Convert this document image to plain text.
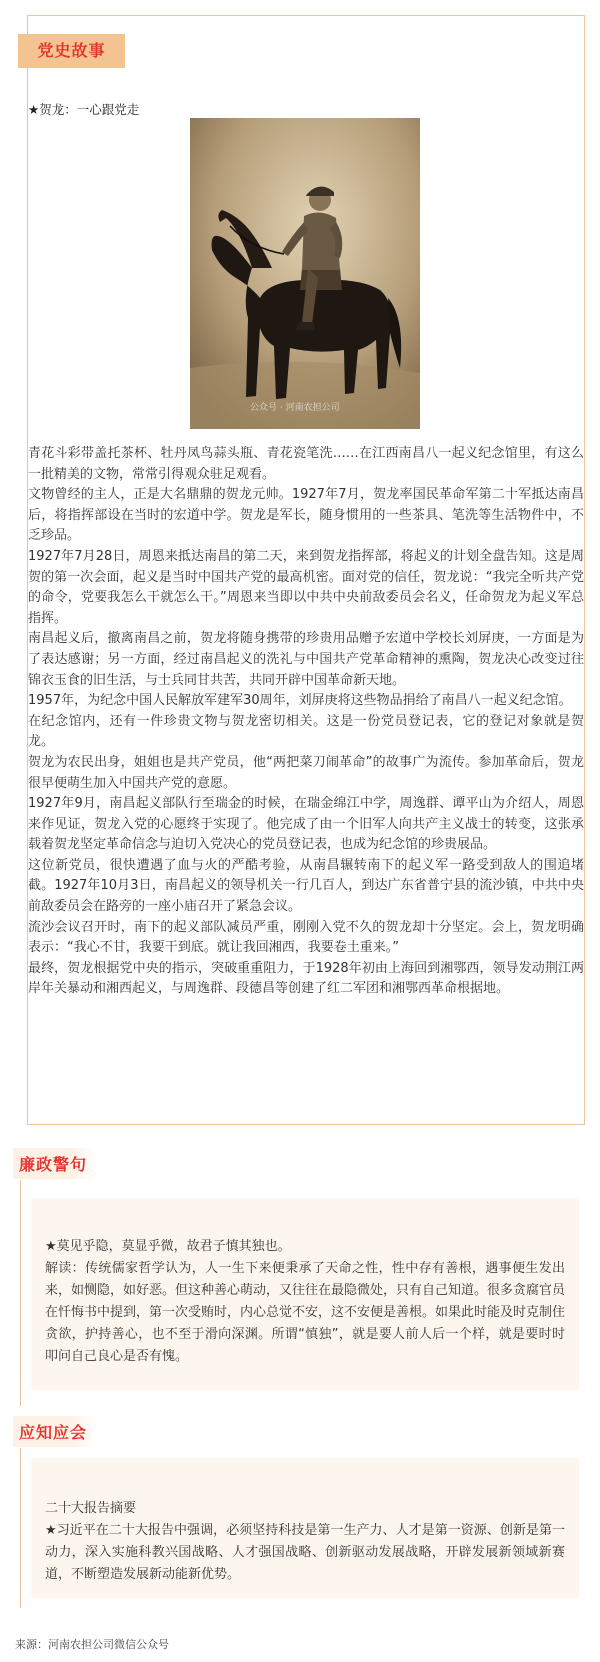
党史故事
★贺龙：一心跟党走
公众号 · 河南农担公司

青花斗彩带盖托茶杯、牡丹凤鸟蒜头瓶、青花瓷笔洗……在江西南昌八一起义纪念馆里，有这么一批精美的文物，常常引得观众驻足观看。

文物曾经的主人，正是大名鼎鼎的贺龙元帅。1927年7月，贺龙率国民革命军第二十军抵达南昌后，将指挥部设在当时的宏道中学。贺龙是军长，随身惯用的一些茶具、笔洗等生活物件中，不乏珍品。

1927年7月28日，周恩来抵达南昌的第二天，来到贺龙指挥部，将起义的计划全盘告知。这是周贺的第一次会面，起义是当时中国共产党的最高机密。面对党的信任，贺龙说：“我完全听共产党的命令，党要我怎么干就怎么干。”周恩来当即以中共中央前敌委员会名义，任命贺龙为起义军总指挥。

南昌起义后，撤离南昌之前，贺龙将随身携带的珍贵用品赠予宏道中学校长刘屏庚，一方面是为了表达感谢；另一方面，经过南昌起义的洗礼与中国共产党革命精神的熏陶，贺龙决心改变过往锦衣玉食的旧生活，与士兵同甘共苦，共同开辟中国革命新天地。

1957年，为纪念中国人民解放军建军30周年，刘屏庚将这些物品捐给了南昌八一起义纪念馆。

在纪念馆内，还有一件珍贵文物与贺龙密切相关。这是一份党员登记表，它的登记对象就是贺龙。

贺龙为农民出身，姐姐也是共产党员，他“两把菜刀闹革命”的故事广为流传。参加革命后，贺龙很早便萌生加入中国共产党的意愿。

1927年9月，南昌起义部队行至瑞金的时候，在瑞金绵江中学，周逸群、谭平山为介绍人，周恩来作见证，贺龙入党的心愿终于实现了。他完成了由一个旧军人向共产主义战士的转变，这张承载着贺龙坚定革命信念与迫切入党决心的党员登记表，也成为纪念馆的珍贵展品。

这位新党员，很快遭遇了血与火的严酷考验，从南昌辗转南下的起义军一路受到敌人的围追堵截。1927年10月3日，南昌起义的领导机关一行几百人，到达广东省普宁县的流沙镇，中共中央前敌委员会在路旁的一座小庙召开了紧急会议。

流沙会议召开时，南下的起义部队减员严重，刚刚入党不久的贺龙却十分坚定。会上，贺龙明确表示：“我心不甘，我要干到底。就让我回湘西，我要卷土重来。”

最终，贺龙根据党中央的指示，突破重重阻力，于1928年初由上海回到湘鄂西，领导发动荆江两岸年关暴动和湘西起义，与周逸群、段德昌等创建了红二军团和湘鄂西革命根据地。

廉政警句
★莫见乎隐，莫显乎微，故君子慎其独也。
解读：传统儒家哲学认为，人一生下来便秉承了天命之性，性中存有善根，遇事便生发出来，如恻隐，如好恶。但这种善心萌动，又往往在最隐微处，只有自己知道。很多贪腐官员在忏悔书中提到，第一次受贿时，内心总觉不安，这不安便是善根。如果此时能及时克制住贪欲，护持善心，也不至于滑向深渊。所谓“慎独”，就是要人前人后一个样，就是要时时叩问自己良心是否有愧。
应知应会
二十大报告摘要
★习近平在二十大报告中强调，必须坚持科技是第一生产力、人才是第一资源、创新是第一动力，深入实施科教兴国战略、人才强国战略、创新驱动发展战略，开辟发展新领域新赛道，不断塑造发展新动能新优势。
来源：河南农担公司微信公众号
